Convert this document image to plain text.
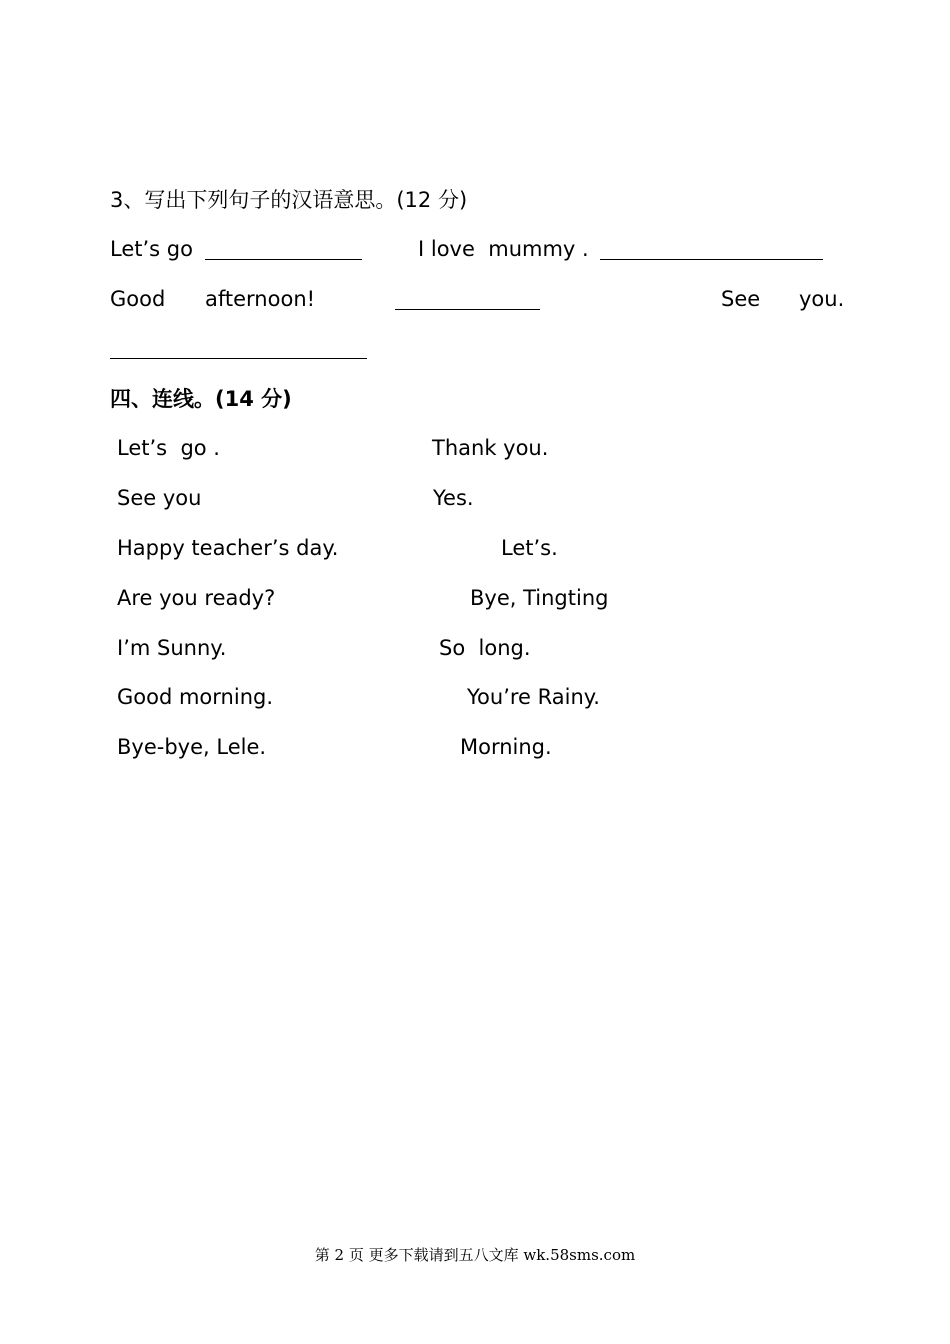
3、写出下列句子的汉语意思。(12 分)
Let’s go	I love  mummy .
Good afternoon!	See you.
四、连线。(14 分)
Let’s  go .
See you
Happy teacher’s day.
Are you ready?
I’m Sunny.
Good morning.
Bye-bye, Lele.
Thank you.
Yes.
Let’s.
Bye, Tingting
So  long.
You’re Rainy.
Morning.
第 2 页 更多下载请到五八文库 wk.58sms.com
